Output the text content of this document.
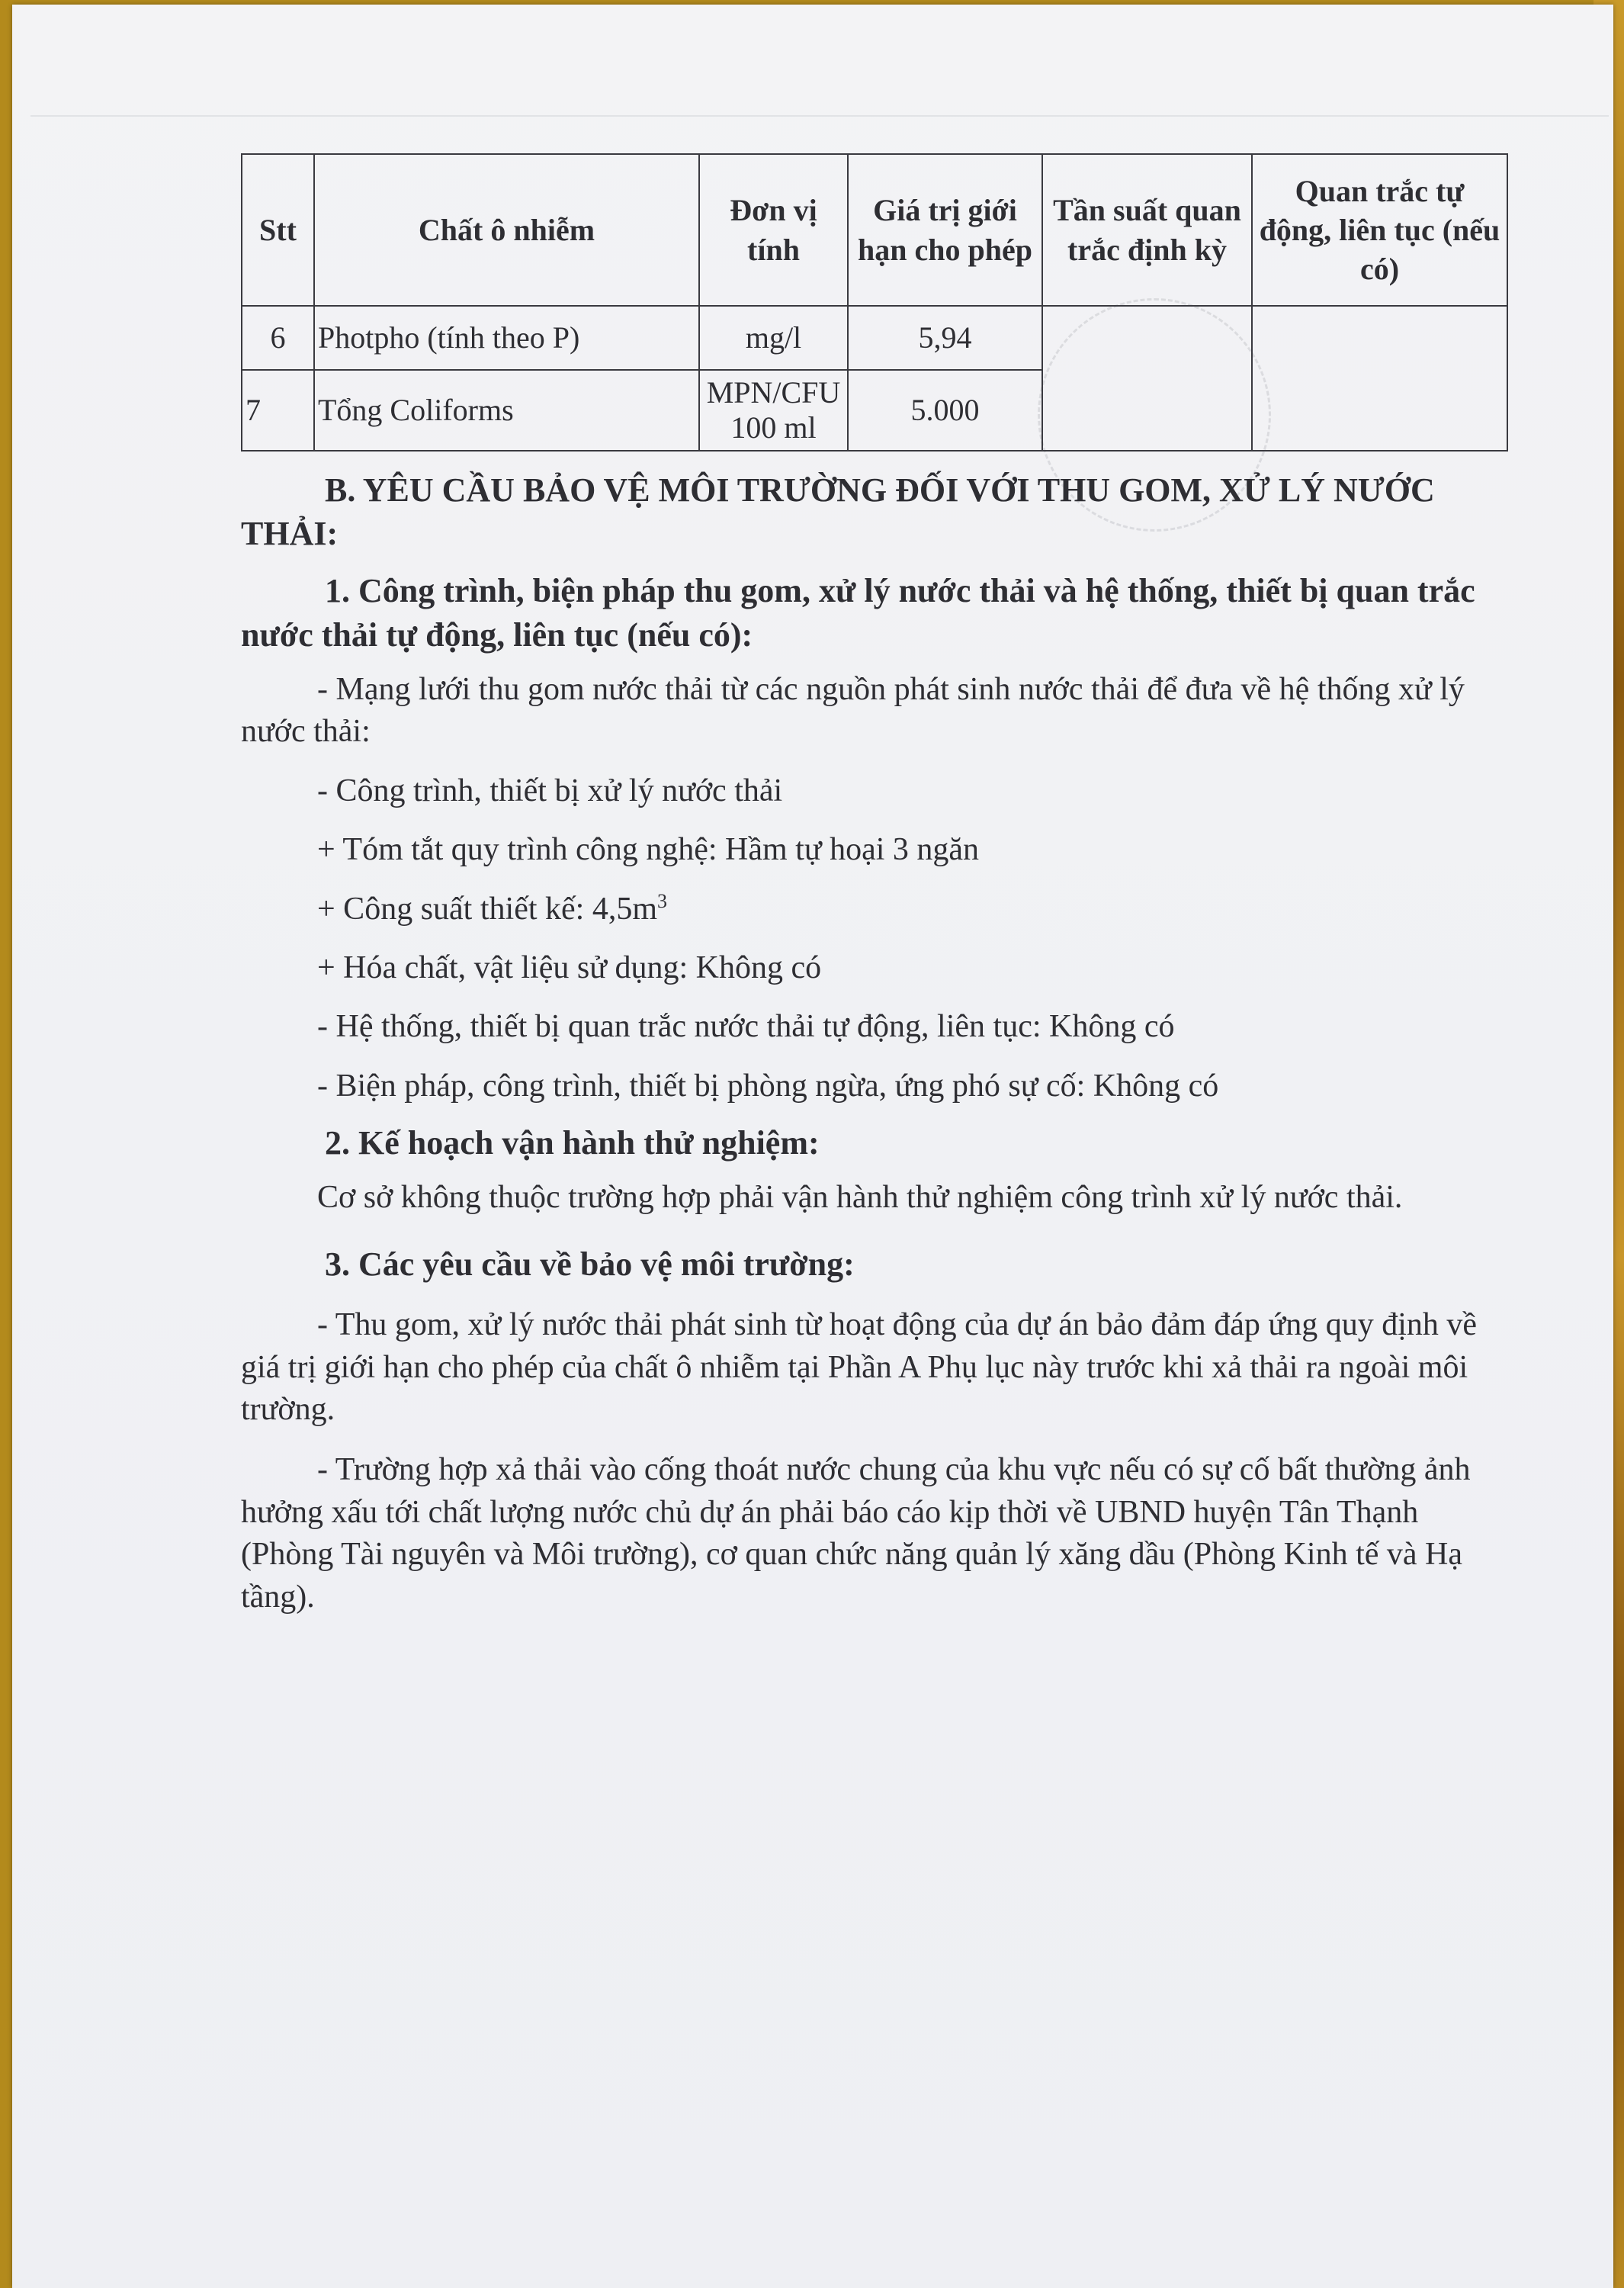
Stt	Chất ô nhiễm	Đơn vị tính	Giá trị giới hạn cho phép	Tần suất quan trắc định kỳ	Quan trắc tự động, liên tục (nếu có)
6	Photpho (tính theo P)	mg/l	5,94		
7	Tổng Coliforms	MPN/CFU 100 ml	5.000		
B. YÊU CẦU BẢO VỆ MÔI TRƯỜNG ĐỐI VỚI THU GOM, XỬ LÝ NƯỚC THẢI:
1. Công trình, biện pháp thu gom, xử lý nước thải và hệ thống, thiết bị quan trắc nước thải tự động, liên tục (nếu có):
- Mạng lưới thu gom nước thải từ các nguồn phát sinh nước thải để đưa về hệ thống xử lý nước thải:
- Công trình, thiết bị xử lý nước thải
+ Tóm tắt quy trình công nghệ: Hầm tự hoại 3 ngăn
+ Công suất thiết kế: $4,5m^3$
+ Hóa chất, vật liệu sử dụng: Không có
- Hệ thống, thiết bị quan trắc nước thải tự động, liên tục: Không có
- Biện pháp, công trình, thiết bị phòng ngừa, ứng phó sự cố: Không có
2. Kế hoạch vận hành thử nghiệm:
Cơ sở không thuộc trường hợp phải vận hành thử nghiệm công trình xử lý nước thải.
3. Các yêu cầu về bảo vệ môi trường:
- Thu gom, xử lý nước thải phát sinh từ hoạt động của dự án bảo đảm đáp ứng quy định về giá trị giới hạn cho phép của chất ô nhiễm tại Phần A Phụ lục này trước khi xả thải ra ngoài môi trường.
- Trường hợp xả thải vào cống thoát nước chung của khu vực nếu có sự cố bất thường ảnh hưởng xấu tới chất lượng nước chủ dự án phải báo cáo kịp thời về UBND huyện Tân Thạnh (Phòng Tài nguyên và Môi trường), cơ quan chức năng quản lý xăng dầu (Phòng Kinh tế và Hạ tầng).
